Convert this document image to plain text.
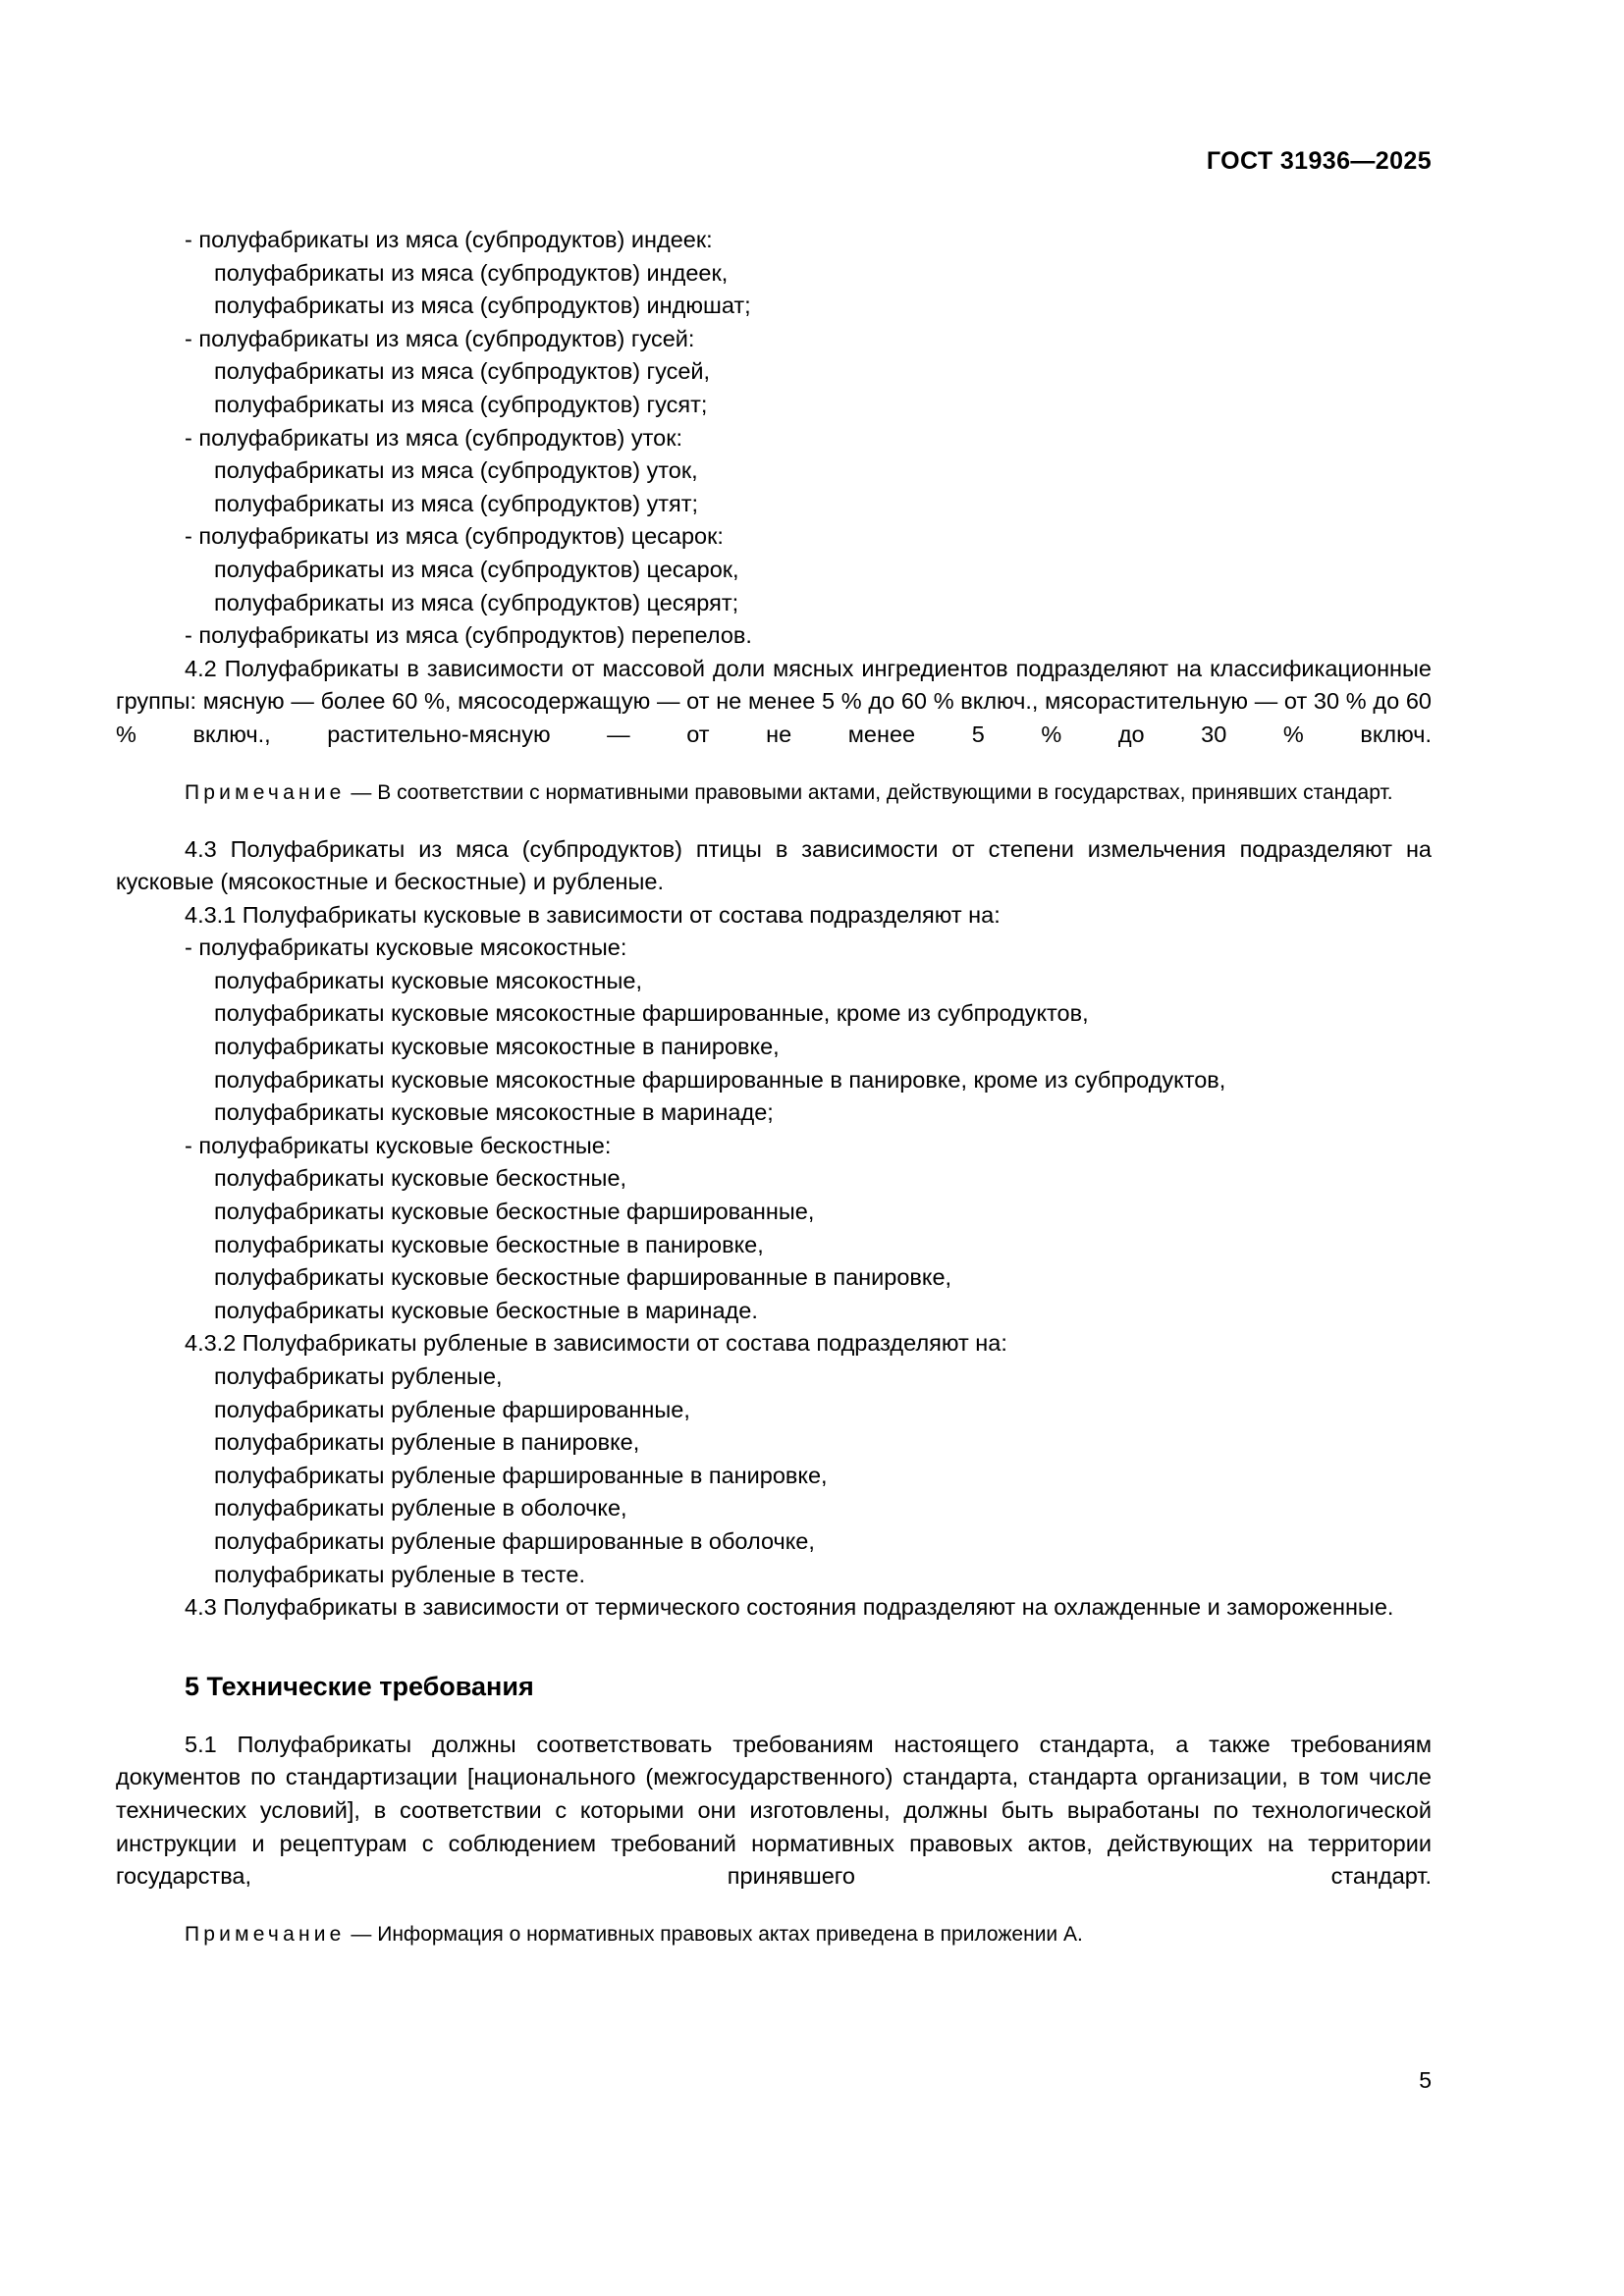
ГОСТ 31936—2025
- полуфабрикаты из мяса (субпродуктов) индеек:
полуфабрикаты из мяса (субпродуктов) индеек,
полуфабрикаты из мяса (субпродуктов) индюшат;
- полуфабрикаты из мяса (субпродуктов) гусей:
полуфабрикаты из мяса (субпродуктов) гусей,
полуфабрикаты из мяса (субпродуктов) гусят;
- полуфабрикаты из мяса (субпродуктов) уток:
полуфабрикаты из мяса (субпродуктов) уток,
полуфабрикаты из мяса (субпродуктов) утят;
- полуфабрикаты из мяса (субпродуктов) цесарок:
полуфабрикаты из мяса (субпродуктов) цесарок,
полуфабрикаты из мяса (субпродуктов) цесярят;
- полуфабрикаты из мяса (субпродуктов) перепелов.

4.2 Полуфабрикаты в зависимости от массовой доли мясных ингредиентов подразделяют на классификационные группы: мясную — более 60 %, мясосодержащую — от не менее 5 % до 60 % включ., мясорастительную — от 30 % до 60 % включ., растительно-мясную — от не менее 5 % до 30 % включ.

Примечание — В соответствии с нормативными правовыми актами, действующими в государствах, принявших стандарт.

4.3 Полуфабрикаты из мяса (субпродуктов) птицы в зависимости от степени измельчения подразделяют на кусковые (мясокостные и бескостные) и рубленые.

4.3.1 Полуфабрикаты кусковые в зависимости от состава подразделяют на:

- полуфабрикаты кусковые мясокостные:
полуфабрикаты кусковые мясокостные,
полуфабрикаты кусковые мясокостные фаршированные, кроме из субпродуктов,
полуфабрикаты кусковые мясокостные в панировке,
полуфабрикаты кусковые мясокостные фаршированные в панировке, кроме из субпродуктов,
полуфабрикаты кусковые мясокостные в маринаде;
- полуфабрикаты кусковые бескостные:
полуфабрикаты кусковые бескостные,
полуфабрикаты кусковые бескостные фаршированные,
полуфабрикаты кусковые бескостные в панировке,
полуфабрикаты кусковые бескостные фаршированные в панировке,
полуфабрикаты кусковые бескостные в маринаде.

4.3.2 Полуфабрикаты рубленые в зависимости от состава подразделяют на:

полуфабрикаты рубленые,
полуфабрикаты рубленые фаршированные,
полуфабрикаты рубленые в панировке,
полуфабрикаты рубленые фаршированные в панировке,
полуфабрикаты рубленые в оболочке,
полуфабрикаты рубленые фаршированные в оболочке,
полуфабрикаты рубленые в тесте.

4.3 Полуфабрикаты в зависимости от термического состояния подразделяют на охлажденные и замороженные.

5 Технические требования

5.1 Полуфабрикаты должны соответствовать требованиям настоящего стандарта, а также требованиям документов по стандартизации [национального (межгосударственного) стандарта, стандарта организации, в том числе технических условий], в соответствии с которыми они изготовлены, должны быть выработаны по технологической инструкции и рецептурам с соблюдением требований нормативных правовых актов, действующих на территории государства, принявшего стандарт.

Примечание — Информация о нормативных правовых актах приведена в приложении А.

5
